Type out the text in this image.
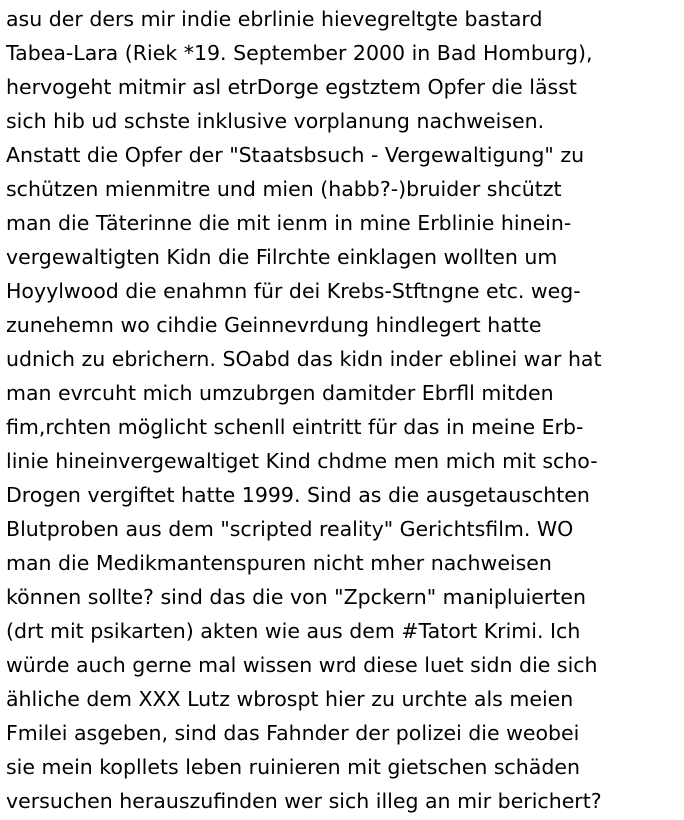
asu der ders mir indie ebrlinie hievegreltgte bastard
Tabea-Lara (Riek *19. September 2000 in Bad Homburg),
hervogeht mitmir asl etrDorge egstztem Opfer die lässt
sich hib ud schste inklusive vorplanung nachweisen.
Anstatt die Opfer der "Staatsbsuch - Vergewaltigung" zu
schützen mienmitre und mien (habb?-)bruider shcützt
man die Täterinne die mit ienm in mine Erblinie hinein-
vergewaltigten Kidn die Filrchte einklagen wollten um
Hoyylwood die enahmn für dei Krebs-Stftngne etc. weg-
zunehemn wo cihdie Geinnevrdung hindlegert hatte
udnich zu ebrichern. SOabd das kidn inder eblinei war hat
man evrcuht mich umzubrgen damitder Ebrfll mitden
fim,rchten möglicht schenll eintritt für das in meine Erb-
linie hineinvergewaltiget Kind chdme men mich mit scho-
Drogen vergiftet hatte 1999. Sind as die ausgetauschten
Blutproben aus dem "scripted reality" Gerichtsfilm. WO
man die Medikmantenspuren nicht mher nachweisen
können sollte? sind das die von "Zpckern" manipluierten
(drt mit psikarten) akten wie aus dem #Tatort Krimi. Ich
würde auch gerne mal wissen wrd diese luet sidn die sich
ähliche dem XXX Lutz wbrospt hier zu urchte als meien
Fmilei asgeben, sind das Fahnder der polizei die weobei
sie mein kopllets leben ruinieren mit gietschen schäden
versuchen herauszufinden wer sich illeg an mir berichert?
